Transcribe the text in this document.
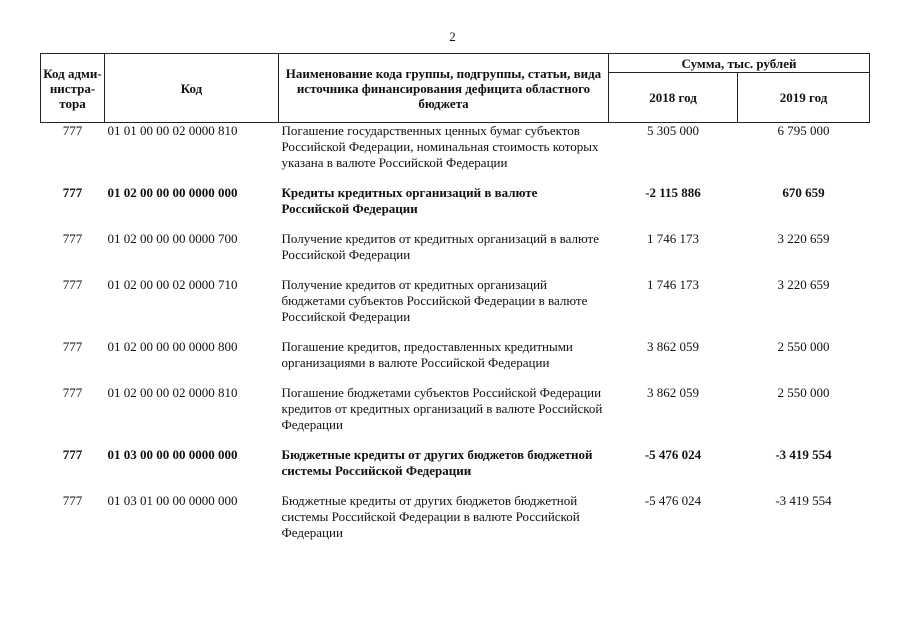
2
Код адми-нистра-тора	Код	Наименование кода группы, подгруппы, статьи, вида источника финансирования дефицита областного бюджета	Сумма, тыс. рублей	
			2018 год	2019 год
777	01 01 00 00 02 0000 810	Погашение государственных ценных бумаг субъектов Российской Федерации, номинальная стоимость которых указана в валюте Российской Федерации	5 305 000	6 795 000
777	01 02 00 00 00 0000 000	Кредиты кредитных организаций в валюте Российской Федерации	-2 115 886	670 659
777	01 02 00 00 00 0000 700	Получение кредитов от кредитных организаций в валюте Российской Федерации	1 746 173	3 220 659
777	01 02 00 00 02 0000 710	Получение кредитов от кредитных организаций бюджетами субъектов Российской Федерации в валюте Российской Федерации	1 746 173	3 220 659
777	01 02 00 00 00 0000 800	Погашение кредитов, предоставленных кредитными организациями в валюте Российской Федерации	3 862 059	2 550 000
777	01 02 00 00 02 0000 810	Погашение бюджетами субъектов Российской Федерации кредитов от кредитных организаций в валюте Российской Федерации	3 862 059	2 550 000
777	01 03 00 00 00 0000 000	Бюджетные кредиты от других бюджетов бюджетной системы Российской Федерации	-5 476 024	-3 419 554
777	01 03 01 00 00 0000 000	Бюджетные кредиты от других бюджетов бюджетной системы Российской Федерации в валюте Российской Федерации	-5 476 024	-3 419 554
